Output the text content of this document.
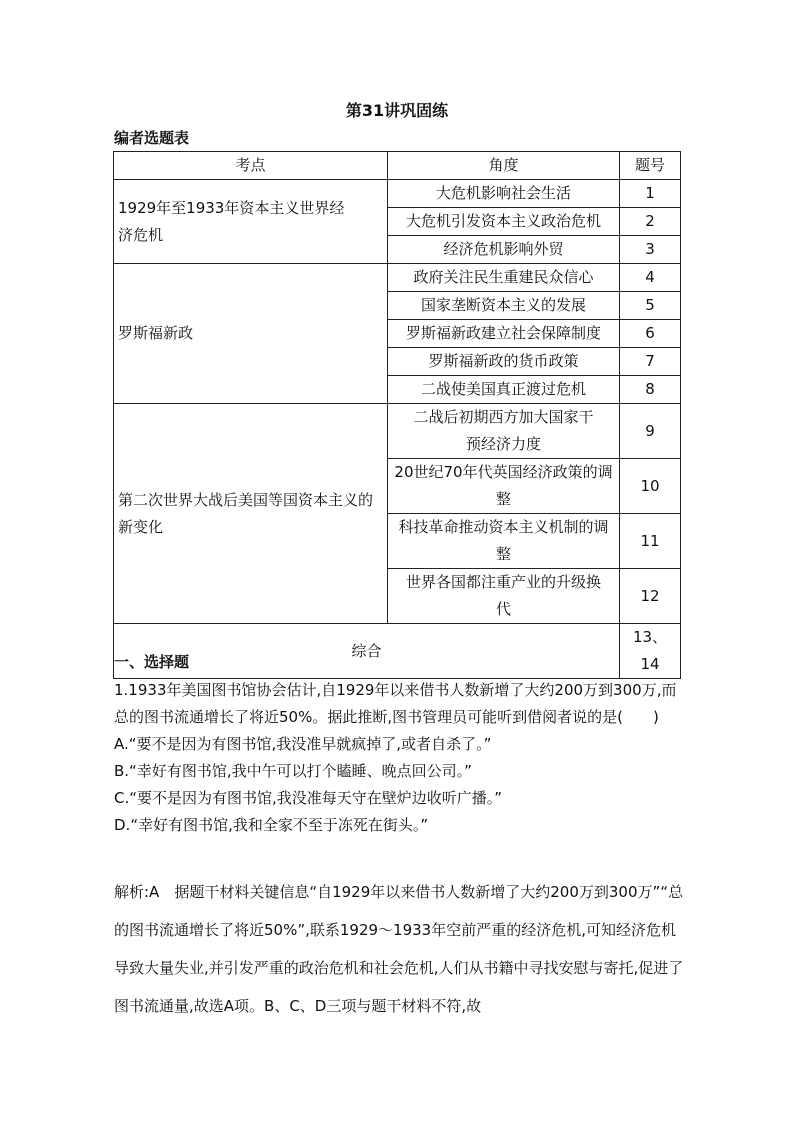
第31讲巩固练
编者选题表
考点	角度	题号
1929年至1933年资本主义世界经济危机	大危机影响社会生活	1
	大危机引发资本主义政治危机	2
	经济危机影响外贸	3
罗斯福新政	政府关注民生重建民众信心	4
	国家垄断资本主义的发展	5
	罗斯福新政建立社会保障制度	6
	罗斯福新政的货币政策	7
	二战使美国真正渡过危机	8
第二次世界大战后美国等国资本主义的新变化	二战后初期西方加大国家干预经济力度	9
	20世纪70年代英国经济政策的调整	10
	科技革命推动资本主义机制的调整	11
	世界各国都注重产业的升级换代	12
综合		13、14
一、选择题

1.1933年美国图书馆协会估计,自1929年以来借书人数新增了大约200万到300万,而总的图书流通增长了将近50%。据此推断,图书管理员可能听到借阅者说的是(　　)

A.“要不是因为有图书馆,我没准早就疯掉了,或者自杀了。”

B.“幸好有图书馆,我中午可以打个瞌睡、晚点回公司。”

C.“要不是因为有图书馆,我没准每天守在壁炉边收听广播。”

D.“幸好有图书馆,我和全家不至于冻死在街头。”

解析:A　据题干材料关键信息“自1929年以来借书人数新增了大约200万到300万”“总的图书流通增长了将近50%”,联系1929～1933年空前严重的经济危机,可知经济危机导致大量失业,并引发严重的政治危机和社会危机,人们从书籍中寻找安慰与寄托,促进了图书流通量,故选A项。B、C、D三项与题干材料不符,故
